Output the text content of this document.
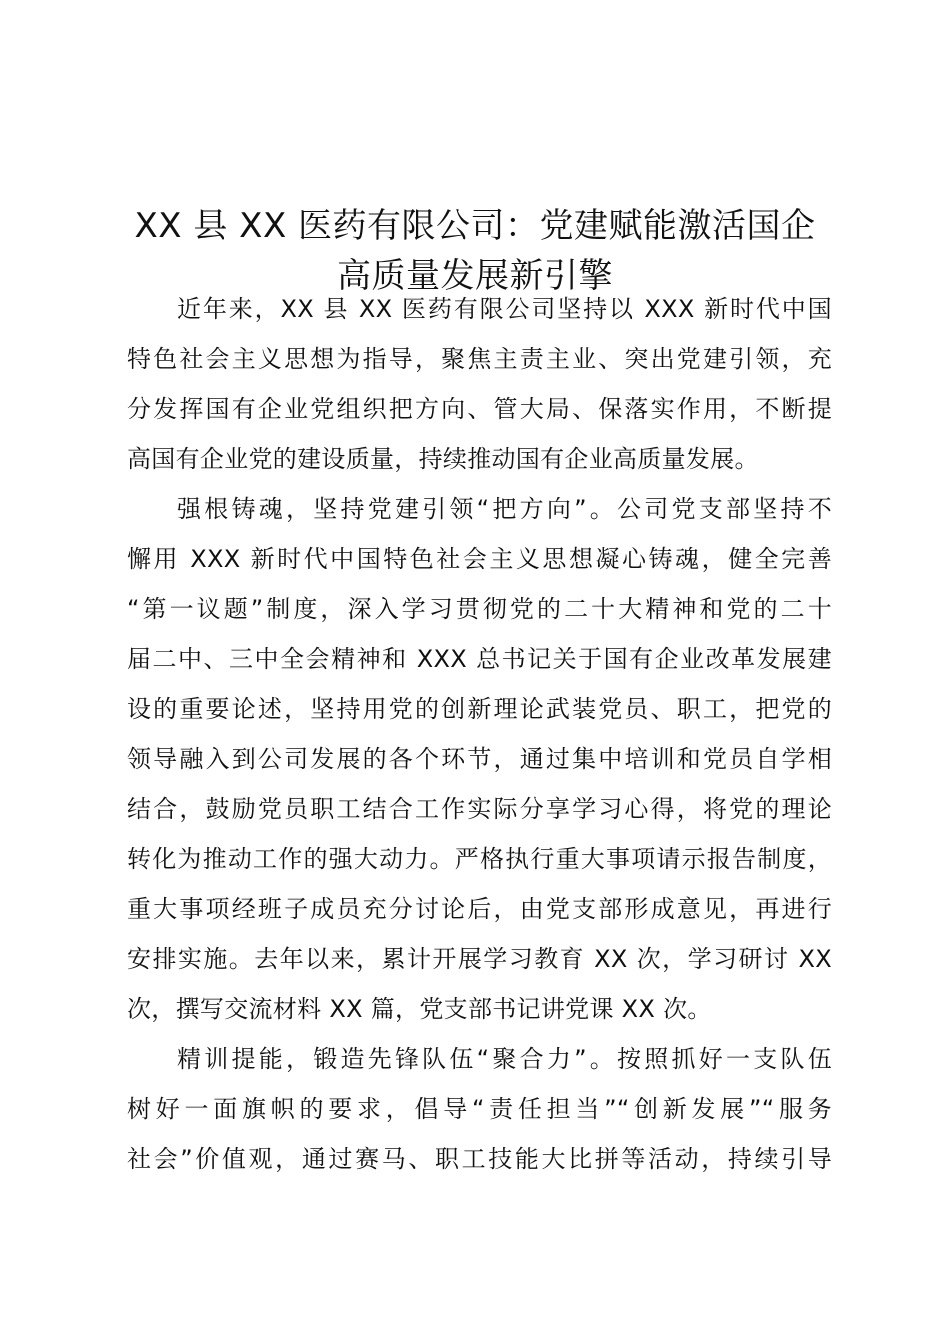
XX 县 XX 医药有限公司：党建赋能激活国企
高质量发展新引擎
近年来，XX 县 XX 医药有限公司坚持以 XXX 新时代中国
特色社会主义思想为指导，聚焦主责主业、突出党建引领，充
分发挥国有企业党组织把方向、管大局、保落实作用，不断提
高国有企业党的建设质量，持续推动国有企业高质量发展。
强根铸魂，坚持党建引领“把方向”。公司党支部坚持不
懈用 XXX 新时代中国特色社会主义思想凝心铸魂，健全完善
“第一议题”制度，深入学习贯彻党的二十大精神和党的二十
届二中、三中全会精神和 XXX 总书记关于国有企业改革发展建
设的重要论述，坚持用党的创新理论武装党员、职工，把党的
领导融入到公司发展的各个环节，通过集中培训和党员自学相
结合，鼓励党员职工结合工作实际分享学习心得，将党的理论
转化为推动工作的强大动力。严格执行重大事项请示报告制度，
重大事项经班子成员充分讨论后，由党支部形成意见，再进行
安排实施。去年以来，累计开展学习教育 XX 次，学习研讨 XX
次，撰写交流材料 XX 篇，党支部书记讲党课 XX 次。
精训提能，锻造先锋队伍“聚合力”。按照抓好一支队伍
树好一面旗帜的要求，倡导“责任担当”“创新发展”“服务
社会”价值观，通过赛马、职工技能大比拼等活动，持续引导
